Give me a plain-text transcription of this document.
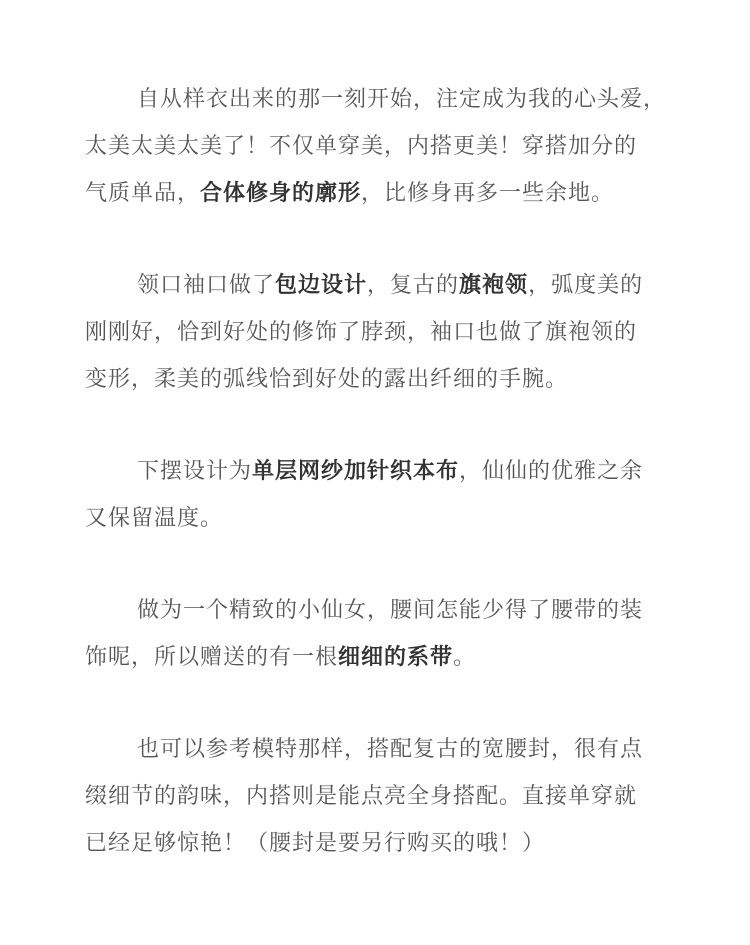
自从样衣出来的那一刻开始，注定成为我的心头爱，
太美太美太美了！不仅单穿美，内搭更美！穿搭加分的
气质单品，合体修身的廓形，比修身再多一些余地。

领口袖口做了包边设计，复古的旗袍领，弧度美的
刚刚好，恰到好处的修饰了脖颈，袖口也做了旗袍领的
变形，柔美的弧线恰到好处的露出纤细的手腕。

下摆设计为单层网纱加针织本布，仙仙的优雅之余
又保留温度。

做为一个精致的小仙女，腰间怎能少得了腰带的装
饰呢，所以赠送的有一根细细的系带。

也可以参考模特那样，搭配复古的宽腰封，很有点
缀细节的韵味，内搭则是能点亮全身搭配。直接单穿就
已经足够惊艳！（腰封是要另行购买的哦！）
